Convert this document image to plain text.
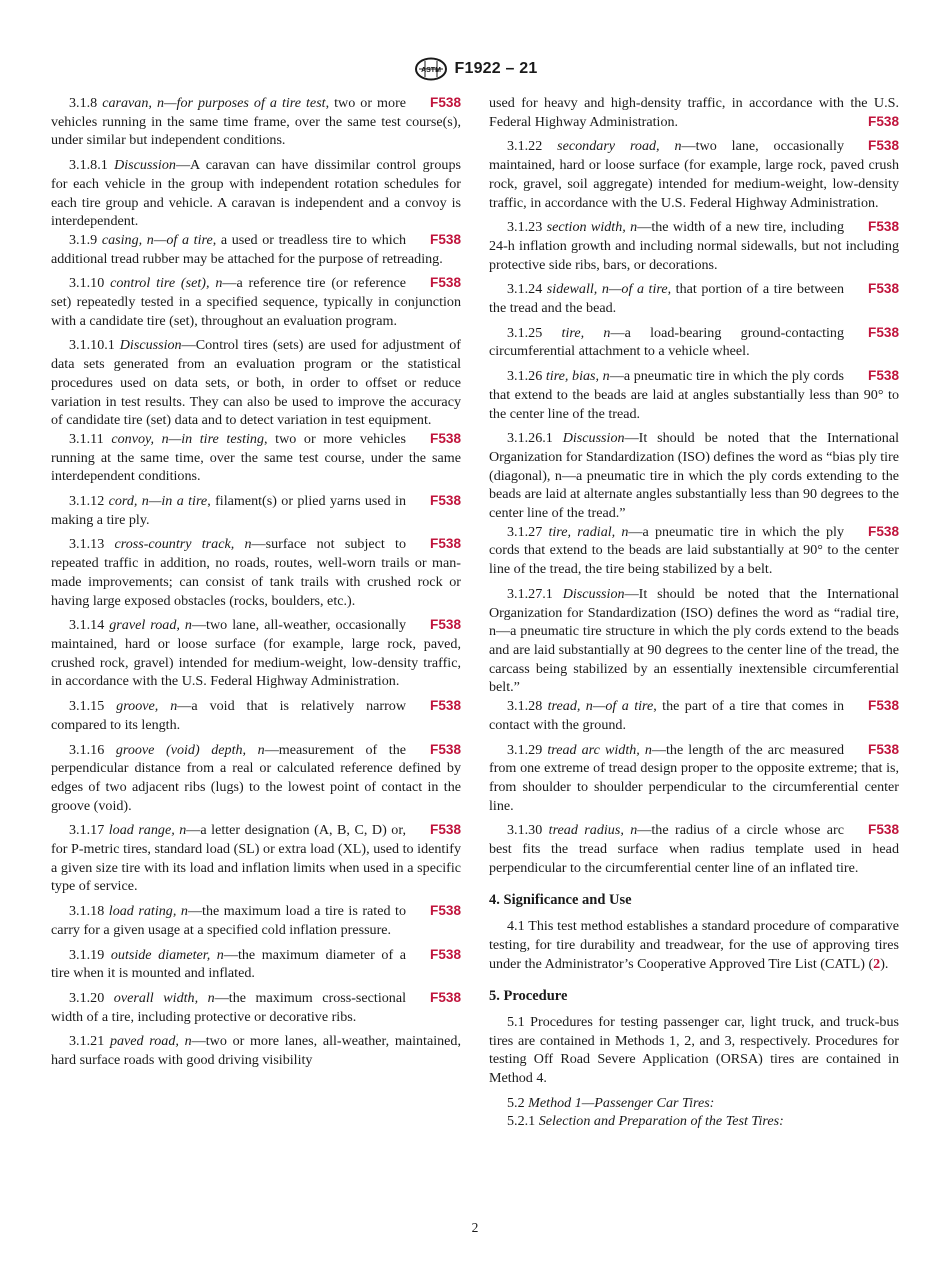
ASTM F1922 – 21
F538
3.1.8 caravan, n—for purposes of a tire test, two or more vehicles running in the same time frame, over the same test course(s), under similar but independent conditions.
3.1.8.1 Discussion—A caravan can have dissimilar control groups for each vehicle in the group with independent rotation schedules for each tire group and vehicle. A caravan is independent and a convoy is interdependent.
F538
3.1.9 casing, n—of a tire, a used or treadless tire to which additional tread rubber may be attached for the purpose of retreading.
F538
3.1.10 control tire (set), n—a reference tire (or reference set) repeatedly tested in a specified sequence, typically in conjunction with a candidate tire (set), throughout an evaluation program.
3.1.10.1 Discussion—Control tires (sets) are used for adjustment of data sets generated from an evaluation program or the statistical procedures used on data sets, or both, in order to offset or reduce variation in test results. They can also be used to improve the accuracy of candidate tire (set) data and to detect variation in test equipment.
F538
3.1.11 convoy, n—in tire testing, two or more vehicles running at the same time, over the same test course, under the same interdependent conditions.
F538
3.1.12 cord, n—in a tire, filament(s) or plied yarns used in making a tire ply.
F538
3.1.13 cross-country track, n—surface not subject to repeated traffic in addition, no roads, routes, well-worn trails or man-made improvements; can consist of tank trails with crushed rock or having large exposed obstacles (rocks, boulders, etc.).
F538
3.1.14 gravel road, n—two lane, all-weather, occasionally maintained, hard or loose surface (for example, large rock, paved, crushed rock, gravel) intended for medium-weight, low-density traffic, in accordance with the U.S. Federal Highway Administration.
F538
3.1.15 groove, n—a void that is relatively narrow compared to its length.
F538
3.1.16 groove (void) depth, n—measurement of the perpendicular distance from a real or calculated reference defined by edges of two adjacent ribs (lugs) to the lowest point of contact in the groove (void).
F538
3.1.17 load range, n—a letter designation (A, B, C, D) or, for P-metric tires, standard load (SL) or extra load (XL), used to identify a given size tire with its load and inflation limits when used in a specific type of service.
F538
3.1.18 load rating, n—the maximum load a tire is rated to carry for a given usage at a specified cold inflation pressure.
F538
3.1.19 outside diameter, n—the maximum diameter of a tire when it is mounted and inflated.
F538
3.1.20 overall width, n—the maximum cross-sectional width of a tire, including protective or decorative ribs.
3.1.21 paved road, n—two or more lanes, all-weather, maintained, hard surface roads with good driving visibility
used for heavy and high-density traffic, in accordance with the U.S. Federal Highway Administration.	F538
F538
3.1.22 secondary road, n—two lane, occasionally maintained, hard or loose surface (for example, large rock, paved crush rock, gravel, soil aggregate) intended for medium-weight, low-density traffic, in accordance with the U.S. Federal Highway Administration.
F538
3.1.23 section width, n—the width of a new tire, including 24-h inflation growth and including normal sidewalls, but not including protective side ribs, bars, or decorations.
F538
3.1.24 sidewall, n—of a tire, that portion of a tire between the tread and the bead.
F538
3.1.25 tire, n—a load-bearing ground-contacting circumferential attachment to a vehicle wheel.
F538
3.1.26 tire, bias, n—a pneumatic tire in which the ply cords that extend to the beads are laid at angles substantially less than 90° to the center line of the tread.
3.1.26.1 Discussion—It should be noted that the International Organization for Standardization (ISO) defines the word as “bias ply tire (diagonal), n—a pneumatic tire in which the ply cords extending to the beads are laid at alternate angles substantially less than 90 degrees to the center line of the tread.”
F538
3.1.27 tire, radial, n—a pneumatic tire in which the ply cords that extend to the beads are laid substantially at 90° to the center line of the tread, the tire being stabilized by a belt.
3.1.27.1 Discussion—It should be noted that the International Organization for Standardization (ISO) defines the word as “radial tire, n—a pneumatic tire structure in which the ply cords extend to the beads and are laid substantially at 90 degrees to the center line of the tread, the carcass being stabilized by an essentially inextensible circumferential belt.”
F538
3.1.28 tread, n—of a tire, the part of a tire that comes in contact with the ground.
F538
3.1.29 tread arc width, n—the length of the arc measured from one extreme of tread design proper to the opposite extreme; that is, from shoulder to shoulder perpendicular to the circumferential center line.
F538
3.1.30 tread radius, n—the radius of a circle whose arc best fits the tread surface when radius template used in head perpendicular to the circumferential center line of an inflated tire.
4. Significance and Use
4.1 This test method establishes a standard procedure of comparative testing, for tire durability and treadwear, for the use of approving tires under the Administrator’s Cooperative Approved Tire List (CATL) (2).
5. Procedure
5.1 Procedures for testing passenger car, light truck, and truck-bus tires are contained in Methods 1, 2, and 3, respectively. Procedures for testing Off Road Severe Application (ORSA) tires are contained in Method 4.
5.2 Method 1—Passenger Car Tires:
5.2.1 Selection and Preparation of the Test Tires:
2
